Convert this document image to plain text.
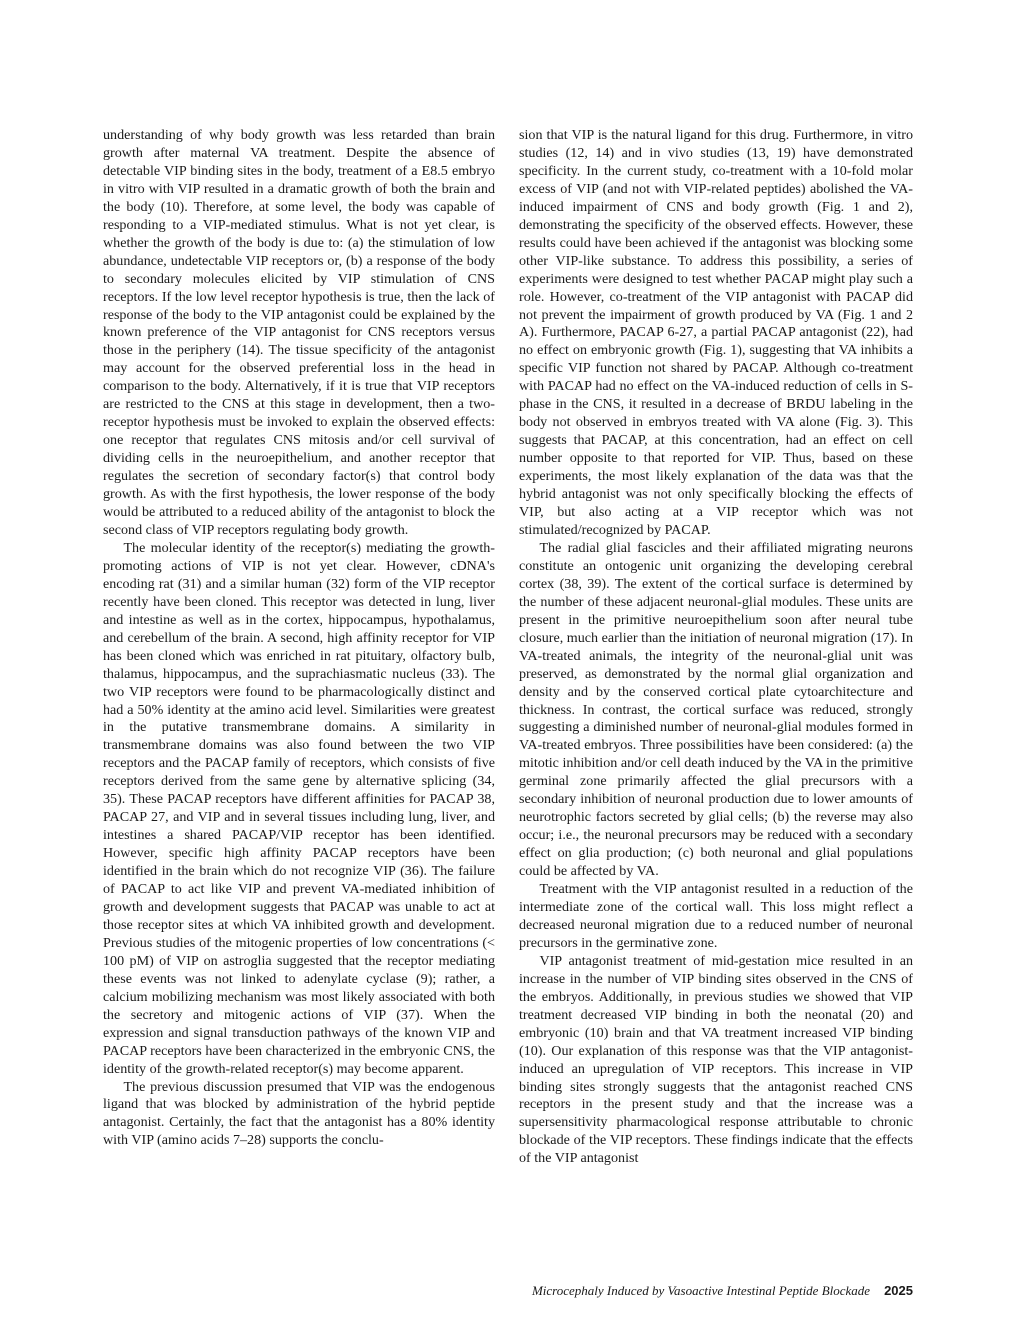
understanding of why body growth was less retarded than brain growth after maternal VA treatment. Despite the absence of detectable VIP binding sites in the body, treatment of a E8.5 embryo in vitro with VIP resulted in a dramatic growth of both the brain and the body (10). Therefore, at some level, the body was capable of responding to a VIP-mediated stimulus. What is not yet clear, is whether the growth of the body is due to: (a) the stimulation of low abundance, undetectable VIP receptors or, (b) a response of the body to secondary molecules elicited by VIP stimulation of CNS receptors. If the low level receptor hypothesis is true, then the lack of response of the body to the VIP antagonist could be explained by the known preference of the VIP antagonist for CNS receptors versus those in the periphery (14). The tissue specificity of the antagonist may account for the observed preferential loss in the head in comparison to the body. Alternatively, if it is true that VIP receptors are restricted to the CNS at this stage in development, then a two-receptor hypothesis must be invoked to explain the observed effects: one receptor that regulates CNS mitosis and/or cell survival of dividing cells in the neuroepithelium, and another receptor that regulates the secretion of secondary factor(s) that control body growth. As with the first hypothesis, the lower response of the body would be attributed to a reduced ability of the antagonist to block the second class of VIP receptors regulating body growth.

The molecular identity of the receptor(s) mediating the growth-promoting actions of VIP is not yet clear. However, cDNA's encoding rat (31) and a similar human (32) form of the VIP receptor recently have been cloned. This receptor was detected in lung, liver and intestine as well as in the cortex, hippocampus, hypothalamus, and cerebellum of the brain. A second, high affinity receptor for VIP has been cloned which was enriched in rat pituitary, olfactory bulb, thalamus, hippocampus, and the suprachiasmatic nucleus (33). The two VIP receptors were found to be pharmacologically distinct and had a 50% identity at the amino acid level. Similarities were greatest in the putative transmembrane domains. A similarity in transmembrane domains was also found between the two VIP receptors and the PACAP family of receptors, which consists of five receptors derived from the same gene by alternative splicing (34, 35). These PACAP receptors have different affinities for PACAP 38, PACAP 27, and VIP and in several tissues including lung, liver, and intestines a shared PACAP/VIP receptor has been identified. However, specific high affinity PACAP receptors have been identified in the brain which do not recognize VIP (36). The failure of PACAP to act like VIP and prevent VA-mediated inhibition of growth and development suggests that PACAP was unable to act at those receptor sites at which VA inhibited growth and development. Previous studies of the mitogenic properties of low concentrations (< 100 pM) of VIP on astroglia suggested that the receptor mediating these events was not linked to adenylate cyclase (9); rather, a calcium mobilizing mechanism was most likely associated with both the secretory and mitogenic actions of VIP (37). When the expression and signal transduction pathways of the known VIP and PACAP receptors have been characterized in the embryonic CNS, the identity of the growth-related receptor(s) may become apparent.

The previous discussion presumed that VIP was the endogenous ligand that was blocked by administration of the hybrid peptide antagonist. Certainly, the fact that the antagonist has a 80% identity with VIP (amino acids 7–28) supports the conclu-

sion that VIP is the natural ligand for this drug. Furthermore, in vitro studies (12, 14) and in vivo studies (13, 19) have demonstrated specificity. In the current study, co-treatment with a 10-fold molar excess of VIP (and not with VIP-related peptides) abolished the VA-induced impairment of CNS and body growth (Fig. 1 and 2), demonstrating the specificity of the observed effects. However, these results could have been achieved if the antagonist was blocking some other VIP-like substance. To address this possibility, a series of experiments were designed to test whether PACAP might play such a role. However, co-treatment of the VIP antagonist with PACAP did not prevent the impairment of growth produced by VA (Fig. 1 and 2 A). Furthermore, PACAP 6-27, a partial PACAP antagonist (22), had no effect on embryonic growth (Fig. 1), suggesting that VA inhibits a specific VIP function not shared by PACAP. Although co-treatment with PACAP had no effect on the VA-induced reduction of cells in S-phase in the CNS, it resulted in a decrease of BRDU labeling in the body not observed in embryos treated with VA alone (Fig. 3). This suggests that PACAP, at this concentration, had an effect on cell number opposite to that reported for VIP. Thus, based on these experiments, the most likely explanation of the data was that the hybrid antagonist was not only specifically blocking the effects of VIP, but also acting at a VIP receptor which was not stimulated/recognized by PACAP.

The radial glial fascicles and their affiliated migrating neurons constitute an ontogenic unit organizing the developing cerebral cortex (38, 39). The extent of the cortical surface is determined by the number of these adjacent neuronal-glial modules. These units are present in the primitive neuroepithelium soon after neural tube closure, much earlier than the initiation of neuronal migration (17). In VA-treated animals, the integrity of the neuronal-glial unit was preserved, as demonstrated by the normal glial organization and density and by the conserved cortical plate cytoarchitecture and thickness. In contrast, the cortical surface was reduced, strongly suggesting a diminished number of neuronal-glial modules formed in VA-treated embryos. Three possibilities have been considered: (a) the mitotic inhibition and/or cell death induced by the VA in the primitive germinal zone primarily affected the glial precursors with a secondary inhibition of neuronal production due to lower amounts of neurotrophic factors secreted by glial cells; (b) the reverse may also occur; i.e., the neuronal precursors may be reduced with a secondary effect on glia production; (c) both neuronal and glial populations could be affected by VA.

Treatment with the VIP antagonist resulted in a reduction of the intermediate zone of the cortical wall. This loss might reflect a decreased neuronal migration due to a reduced number of neuronal precursors in the germinative zone.

VIP antagonist treatment of mid-gestation mice resulted in an increase in the number of VIP binding sites observed in the CNS of the embryos. Additionally, in previous studies we showed that VIP treatment decreased VIP binding in both the neonatal (20) and embryonic (10) brain and that VA treatment increased VIP binding (10). Our explanation of this response was that the VIP antagonist-induced an upregulation of VIP receptors. This increase in VIP binding sites strongly suggests that the antagonist reached CNS receptors in the present study and that the increase was a supersensitivity pharmacological response attributable to chronic blockade of the VIP receptors. These findings indicate that the effects of the VIP antagonist

Microcephaly Induced by Vasoactive Intestinal Peptide Blockade 2025
